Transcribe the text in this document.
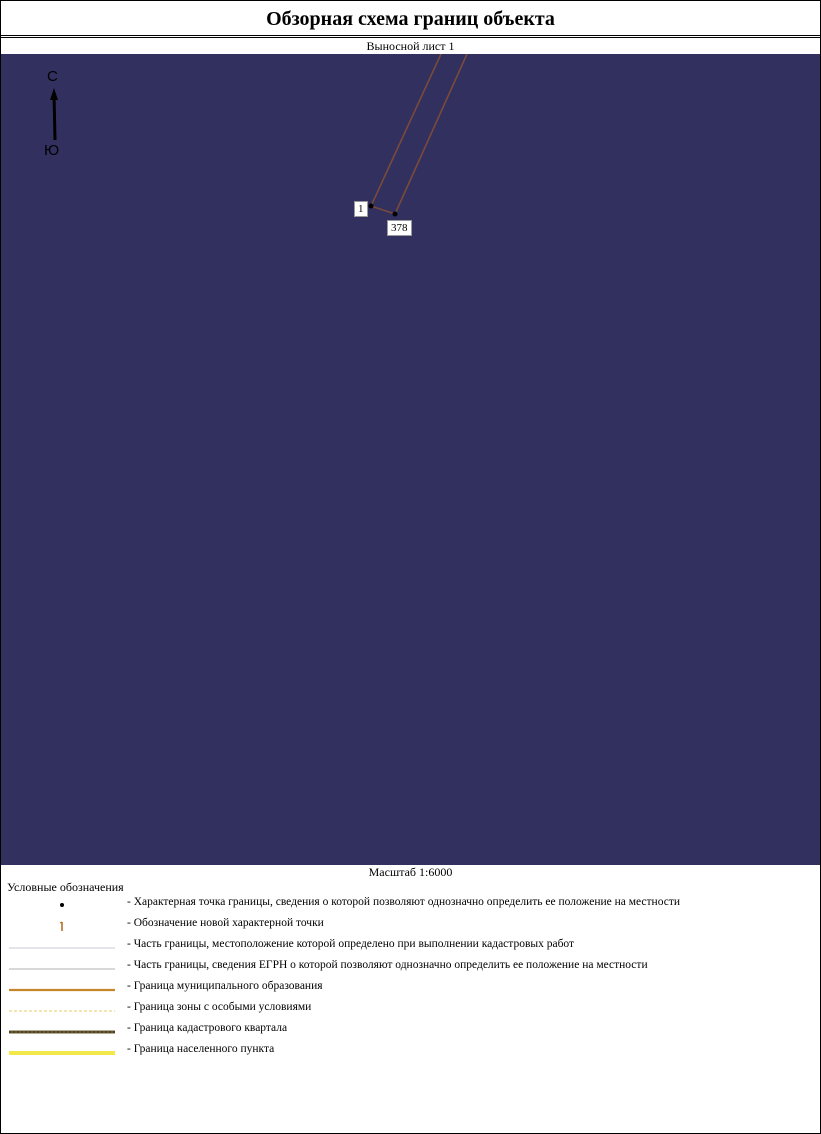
Обзорная схема границ объекта
Выносной лист 1
С
Ю
1
378
Масштаб 1:6000
Условные обозначения
- Характерная точка границы, сведения о которой позволяют однозначно определить ее положение на местности
- Обозначение новой характерной точки
- Часть границы, местоположение которой определено при выполнении кадастровых работ
- Часть границы, сведения ЕГРН о которой позволяют однозначно определить ее положение на местности
- Граница муниципального образования
- Граница зоны с особыми условиями
- Граница кадастрового квартала
- Граница населенного пункта
